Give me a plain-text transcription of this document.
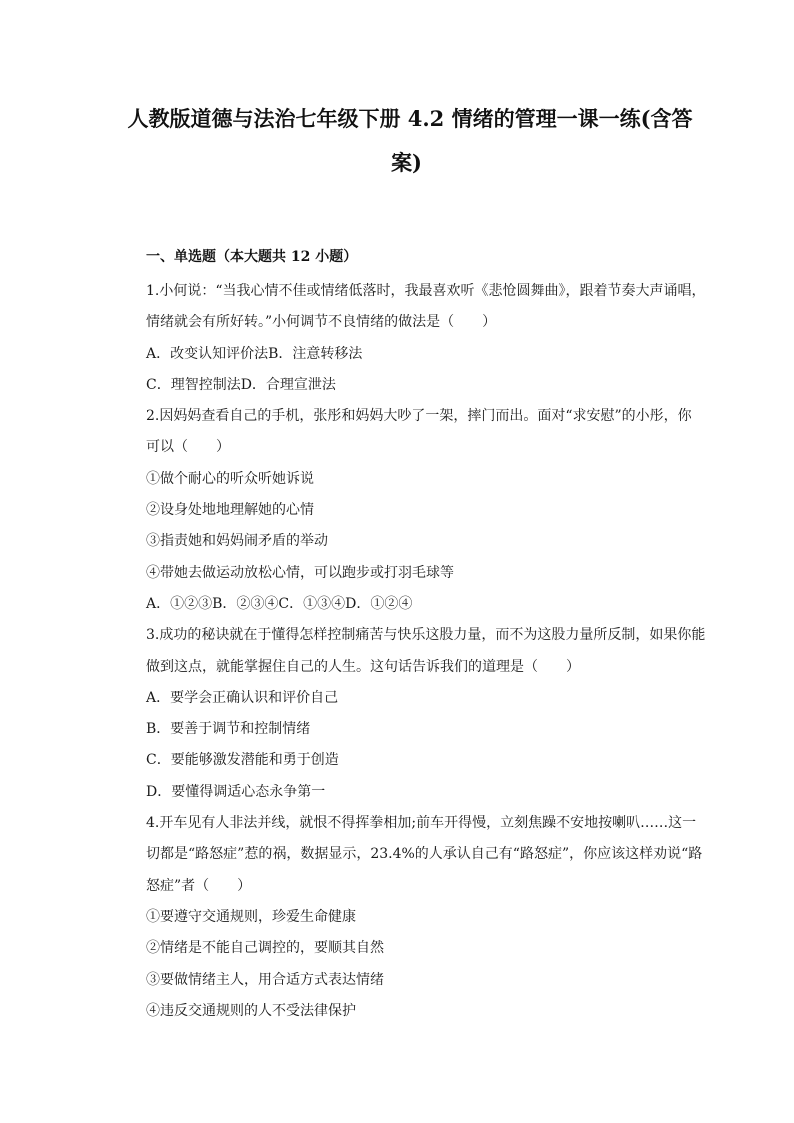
人教版道德与法治七年级下册 4.2 情绪的管理一课一练(含答
案)
一、单选题（本大题共 12 小题）
1.小何说：“当我心情不佳或情绪低落时，我最喜欢听《悲怆圆舞曲》，跟着节奏大声诵唱，
情绪就会有所好转。”小何调节不良情绪的做法是（　　）
A．改变认知评价法B．注意转移法
C．理智控制法D．合理宣泄法
2.因妈妈查看自己的手机，张彤和妈妈大吵了一架，摔门而出。面对“求安慰”的小彤，你
可以（　　）
①做个耐心的听众听她诉说
②设身处地地理解她的心情
③指责她和妈妈闹矛盾的举动
④带她去做运动放松心情，可以跑步或打羽毛球等
A．①②③B．②③④C．①③④D．①②④
3.成功的秘诀就在于懂得怎样控制痛苦与快乐这股力量，而不为这股力量所反制，如果你能
做到这点，就能掌握住自己的人生。这句话告诉我们的道理是（　　）
A．要学会正确认识和评价自己
B．要善于调节和控制情绪
C．要能够激发潜能和勇于创造
D．要懂得调适心态永争第一
4.开车见有人非法并线，就恨不得挥拳相加;前车开得慢，立刻焦躁不安地按喇叭……这一
切都是“路怒症”惹的祸，数据显示，23.4%的人承认自己有“路怒症”，你应该这样劝说“路
怒症”者（　　）
①要遵守交通规则，珍爱生命健康
②情绪是不能自己调控的，要顺其自然
③要做情绪主人，用合适方式表达情绪
④违反交通规则的人不受法律保护
